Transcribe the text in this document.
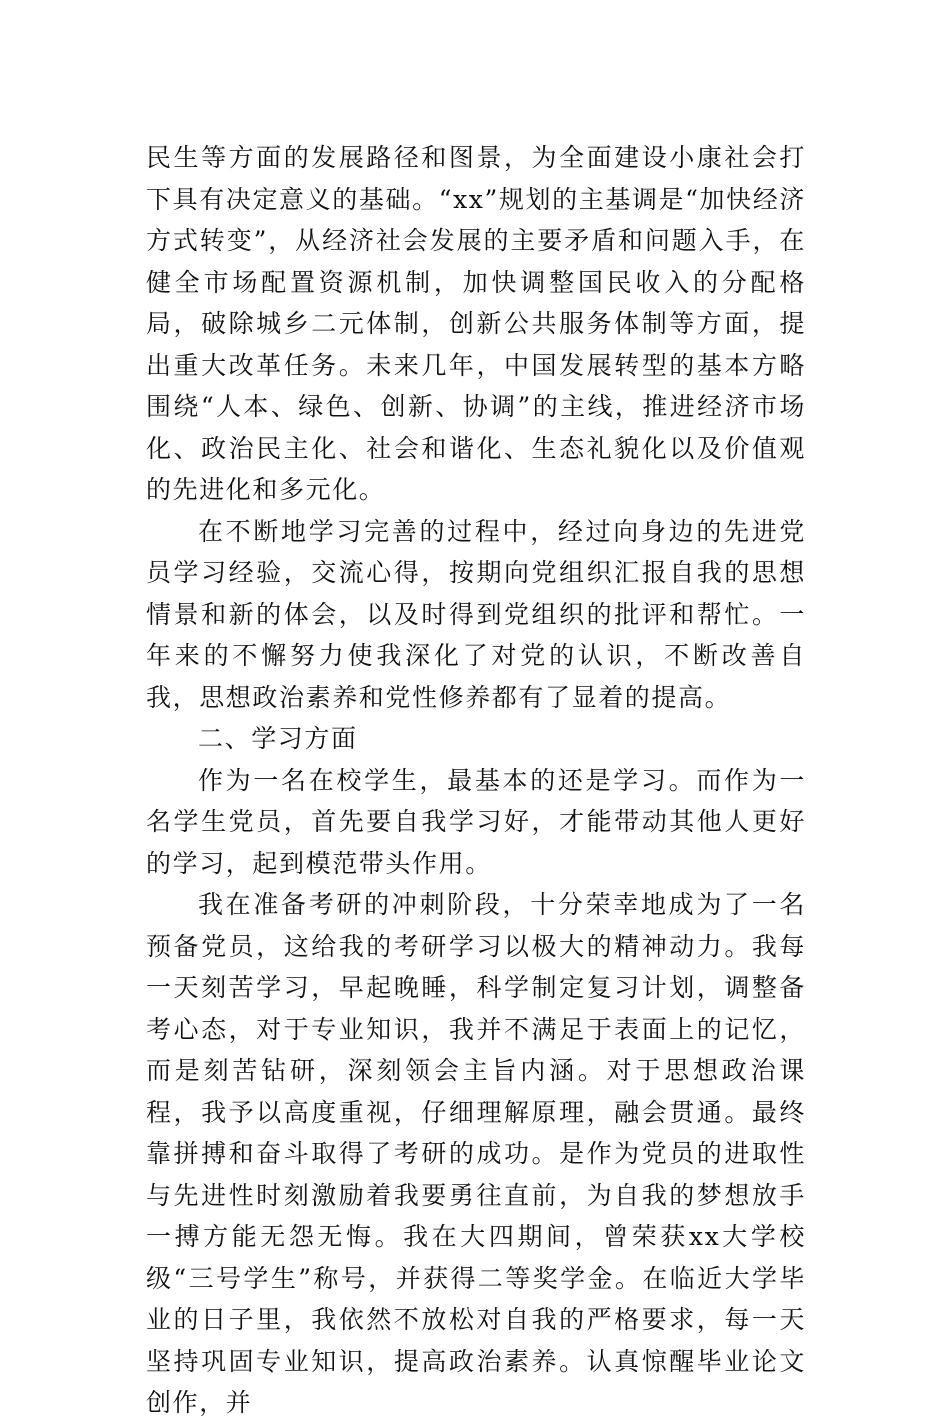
民生等方面的发展路径和图景，为全面建设小康社会打下具有决定意义的基础。“xx”规划的主基调是“加快经济方式转变”，从经济社会发展的主要矛盾和问题入手，在健全市场配置资源机制，加快调整国民收入的分配格局，破除城乡二元体制，创新公共服务体制等方面，提出重大改革任务。未来几年，中国发展转型的基本方略围绕“人本、绿色、创新、协调”的主线，推进经济市场化、政治民主化、社会和谐化、生态礼貌化以及价值观的先进化和多元化。

在不断地学习完善的过程中，经过向身边的先进党员学习经验，交流心得，按期向党组织汇报自我的思想情景和新的体会，以及时得到党组织的批评和帮忙。一年来的不懈努力使我深化了对党的认识，不断改善自我，思想政治素养和党性修养都有了显着的提高。

二、学习方面

作为一名在校学生，最基本的还是学习。而作为一名学生党员，首先要自我学习好，才能带动其他人更好的学习，起到模范带头作用。

我在准备考研的冲刺阶段，十分荣幸地成为了一名预备党员，这给我的考研学习以极大的精神动力。我每一天刻苦学习，早起晚睡，科学制定复习计划，调整备考心态，对于专业知识，我并不满足于表面上的记忆，而是刻苦钻研，深刻领会主旨内涵。对于思想政治课程，我予以高度重视，仔细理解原理，融会贯通。最终靠拼搏和奋斗取得了考研的成功。是作为党员的进取性与先进性时刻激励着我要勇往直前，为自我的梦想放手一搏方能无怨无悔。我在大四期间，曾荣获xx大学校级“三号学生”称号，并获得二等奖学金。在临近大学毕业的日子里，我依然不放松对自我的严格要求，每一天坚持巩固专业知识，提高政治素养。认真惊醒毕业论文创作，并
